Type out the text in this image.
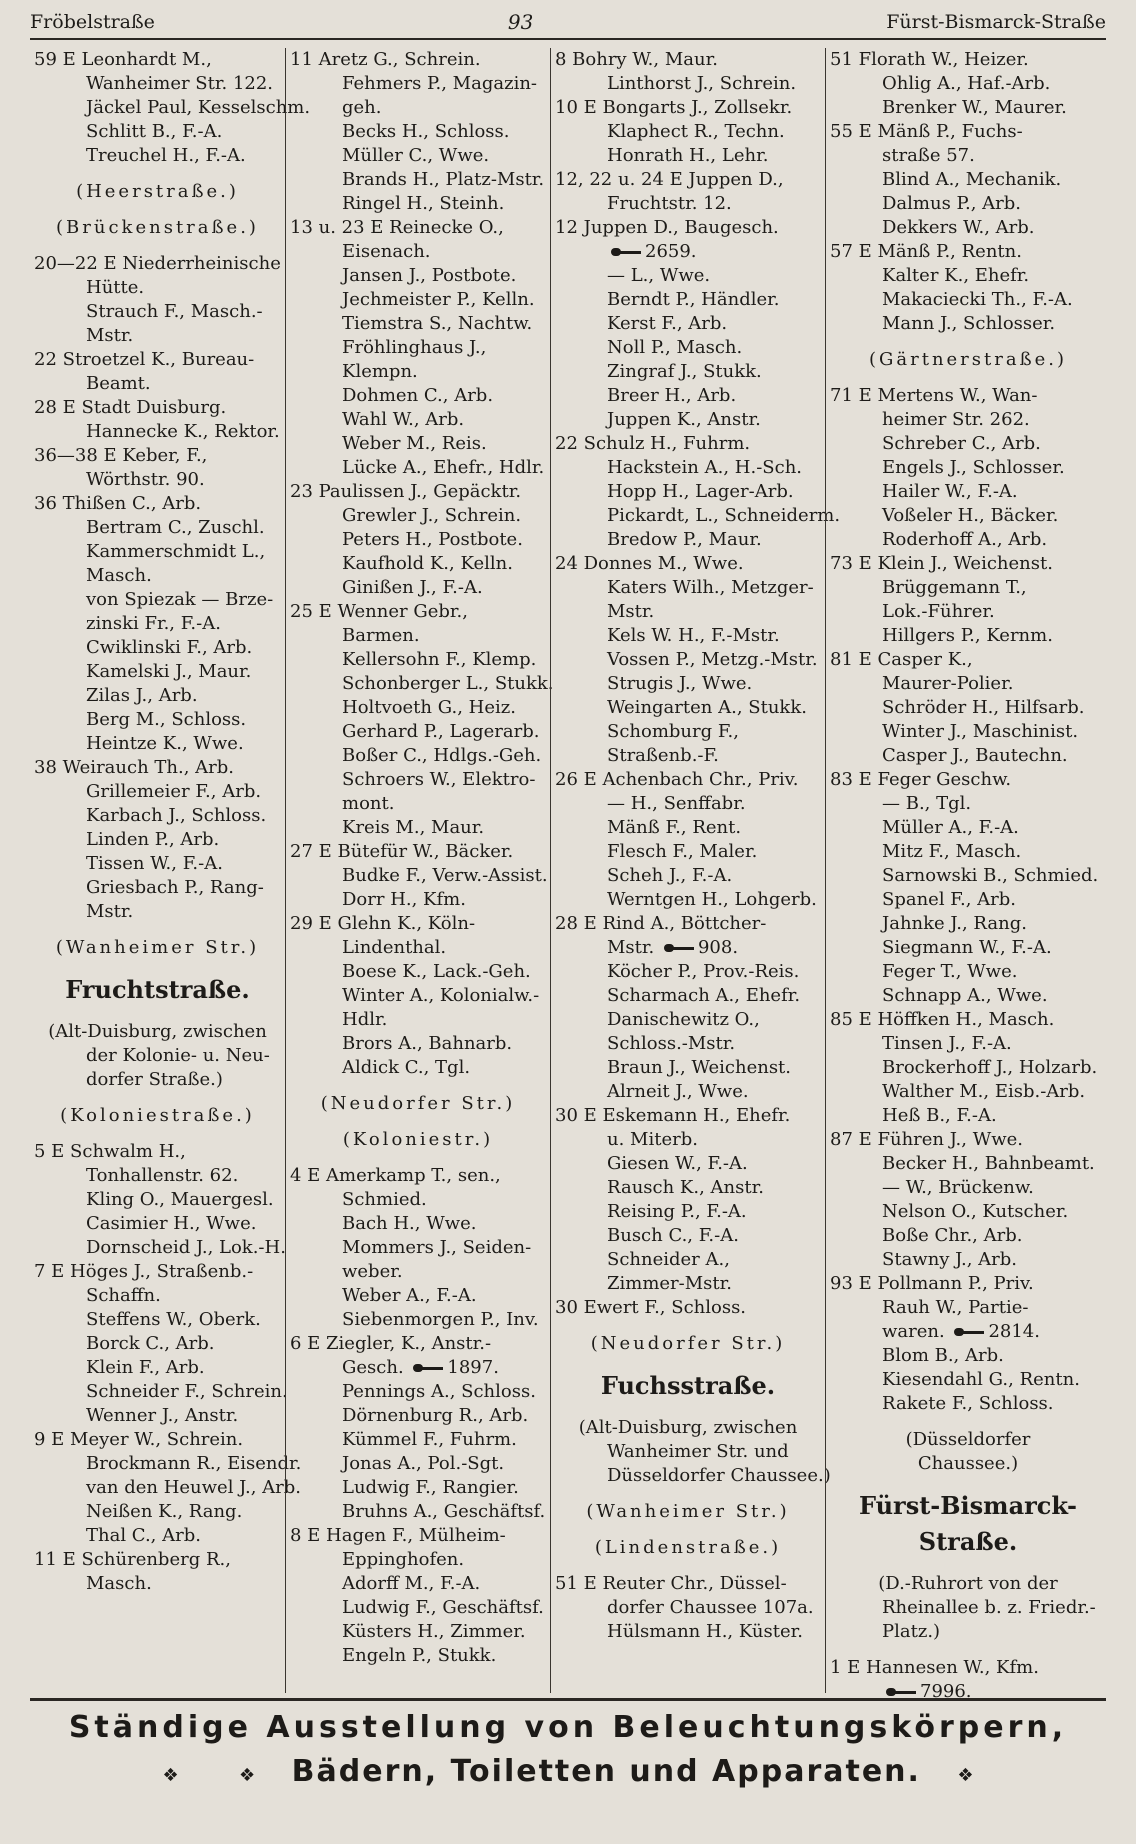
Fröbelstraße	93	Fürst-Bismarck-Straße
59 E Leonhardt M.,
Wanheimer Str. 122.
Jäckel Paul, Kesselschm.
Schlitt B., F.-A.
Treuchel H., F.-A.
(Heerstraße.)
(Brückenstraße.)
20—22 E Niederrheinische
Hütte.
Strauch F., Masch.-
Mstr.
22 Stroetzel K., Bureau-
Beamt.
28 E Stadt Duisburg.
Hannecke K., Rektor.
36—38 E Keber, F.,
Wörthstr. 90.
36 Thißen C., Arb.
Bertram C., Zuschl.
Kammerschmidt L.,
Masch.
von Spiezak — Brze-
zinski Fr., F.-A.
Cwiklinski F., Arb.
Kamelski J., Maur.
Zilas J., Arb.
Berg M., Schloss.
Heintze K., Wwe.
38 Weirauch Th., Arb.
Grillemeier F., Arb.
Karbach J., Schloss.
Linden P., Arb.
Tissen W., F.-A.
Griesbach P., Rang-
Mstr.
(Wanheimer Str.)
Fruchtstraße.
(Alt-Duisburg, zwischen
der Kolonie- u. Neu-
dorfer Straße.)
(Koloniestraße.)
5 E Schwalm H.,
Tonhallenstr. 62.
Kling O., Mauergesl.
Casimier H., Wwe.
Dornscheid J., Lok.-H.
7 E Höges J., Straßenb.-
Schaffn.
Steffens W., Oberk.
Borck C., Arb.
Klein F., Arb.
Schneider F., Schrein.
Wenner J., Anstr.
9 E Meyer W., Schrein.
Brockmann R., Eisendr.
van den Heuwel J., Arb.
Neißen K., Rang.
Thal C., Arb.
11 E Schürenberg R.,
Masch.
11 Aretz G., Schrein.
Fehmers P., Magazin-
geh.
Becks H., Schloss.
Müller C., Wwe.
Brands H., Platz-Mstr.
Ringel H., Steinh.
13 u. 23 E Reinecke O.,
Eisenach.
Jansen J., Postbote.
Jechmeister P., Kelln.
Tiemstra S., Nachtw.
Fröhlinghaus J.,
Klempn.
Dohmen C., Arb.
Wahl W., Arb.
Weber M., Reis.
Lücke A., Ehefr., Hdlr.
23 Paulissen J., Gepäcktr.
Grewler J., Schrein.
Peters H., Postbote.
Kaufhold K., Kelln.
Ginißen J., F.-A.
25 E Wenner Gebr.,
Barmen.
Kellersohn F., Klemp.
Schonberger L., Stukk.
Holtvoeth G., Heiz.
Gerhard P., Lagerarb.
Boßer C., Hdlgs.-Geh.
Schroers W., Elektro-
mont.
Kreis M., Maur.
27 E Bütefür W., Bäcker.
Budke F., Verw.-Assist.
Dorr H., Kfm.
29 E Glehn K., Köln-
Lindenthal.
Boese K., Lack.-Geh.
Winter A., Kolonialw.-
Hdlr.
Brors A., Bahnarb.
Aldick C., Tgl.
(Neudorfer Str.)
(Koloniestr.)
4 E Amerkamp T., sen.,
Schmied.
Bach H., Wwe.
Mommers J., Seiden-
weber.
Weber A., F.-A.
Siebenmorgen P., Inv.
6 E Ziegler, K., Anstr.-
Gesch. 1897.
Pennings A., Schloss.
Dörnenburg R., Arb.
Kümmel F., Fuhrm.
Jonas A., Pol.-Sgt.
Ludwig F., Rangier.
Bruhns A., Geschäftsf.
8 E Hagen F., Mülheim-
Eppinghofen.
Adorff M., F.-A.
Ludwig F., Geschäftsf.
Küsters H., Zimmer.
Engeln P., Stukk.
8 Bohry W., Maur.
Linthorst J., Schrein.
10 E Bongarts J., Zollsekr.
Klaphect R., Techn.
Honrath H., Lehr.
12, 22 u. 24 E Juppen D.,
Fruchtstr. 12.
12 Juppen D., Baugesch.
2659.
— L., Wwe.
Berndt P., Händler.
Kerst F., Arb.
Noll P., Masch.
Zingraf J., Stukk.
Breer H., Arb.
Juppen K., Anstr.
22 Schulz H., Fuhrm.
Hackstein A., H.-Sch.
Hopp H., Lager-Arb.
Pickardt, L., Schneiderm.
Bredow P., Maur.
24 Donnes M., Wwe.
Katers Wilh., Metzger-
Mstr.
Kels W. H., F.-Mstr.
Vossen P., Metzg.-Mstr.
Strugis J., Wwe.
Weingarten A., Stukk.
Schomburg F.,
Straßenb.-F.
26 E Achenbach Chr., Priv.
— H., Senffabr.
Mänß F., Rent.
Flesch F., Maler.
Scheh J., F.-A.
Werntgen H., Lohgerb.
28 E Rind A., Böttcher-
Mstr. 908.
Köcher P., Prov.-Reis.
Scharmach A., Ehefr.
Danischewitz O.,
Schloss.-Mstr.
Braun J., Weichenst.
Alrneit J., Wwe.
30 E Eskemann H., Ehefr.
u. Miterb.
Giesen W., F.-A.
Rausch K., Anstr.
Reising P., F.-A.
Busch C., F.-A.
Schneider A.,
Zimmer-Mstr.
30 Ewert F., Schloss.
(Neudorfer Str.)
Fuchsstraße.
(Alt-Duisburg, zwischen
Wanheimer Str. und
Düsseldorfer Chaussee.)
(Wanheimer Str.)
(Lindenstraße.)
51 E Reuter Chr., Düssel-
dorfer Chaussee 107a.
Hülsmann H., Küster.
51 Florath W., Heizer.
Ohlig A., Haf.-Arb.
Brenker W., Maurer.
55 E Mänß P., Fuchs-
straße 57.
Blind A., Mechanik.
Dalmus P., Arb.
Dekkers W., Arb.
57 E Mänß P., Rentn.
Kalter K., Ehefr.
Makaciecki Th., F.-A.
Mann J., Schlosser.
(Gärtnerstraße.)
71 E Mertens W., Wan-
heimer Str. 262.
Schreber C., Arb.
Engels J., Schlosser.
Hailer W., F.-A.
Voßeler H., Bäcker.
Roderhoff A., Arb.
73 E Klein J., Weichenst.
Brüggemann T.,
Lok.-Führer.
Hillgers P., Kernm.
81 E Casper K.,
Maurer-Polier.
Schröder H., Hilfsarb.
Winter J., Maschinist.
Casper J., Bautechn.
83 E Feger Geschw.
— B., Tgl.
Müller A., F.-A.
Mitz F., Masch.
Sarnowski B., Schmied.
Spanel F., Arb.
Jahnke J., Rang.
Siegmann W., F.-A.
Feger T., Wwe.
Schnapp A., Wwe.
85 E Höffken H., Masch.
Tinsen J., F.-A.
Brockerhoff J., Holzarb.
Walther M., Eisb.-Arb.
Heß B., F.-A.
87 E Führen J., Wwe.
Becker H., Bahnbeamt.
— W., Brückenw.
Nelson O., Kutscher.
Boße Chr., Arb.
Stawny J., Arb.
93 E Pollmann P., Priv.
Rauh W., Partie-
waren. 2814.
Blom B., Arb.
Kiesendahl G., Rentn.
Rakete F., Schloss.
(Düsseldorfer
Chaussee.)
Fürst-Bismarck-
Straße.
(D.-Ruhrort von der
Rheinallee b. z. Friedr.-
Platz.)
1 E Hannesen W., Kfm.
7996.
Ständige Ausstellung von Beleuchtungskörpern,
❖	❖ Bädern, Toiletten und Apparaten. ❖
